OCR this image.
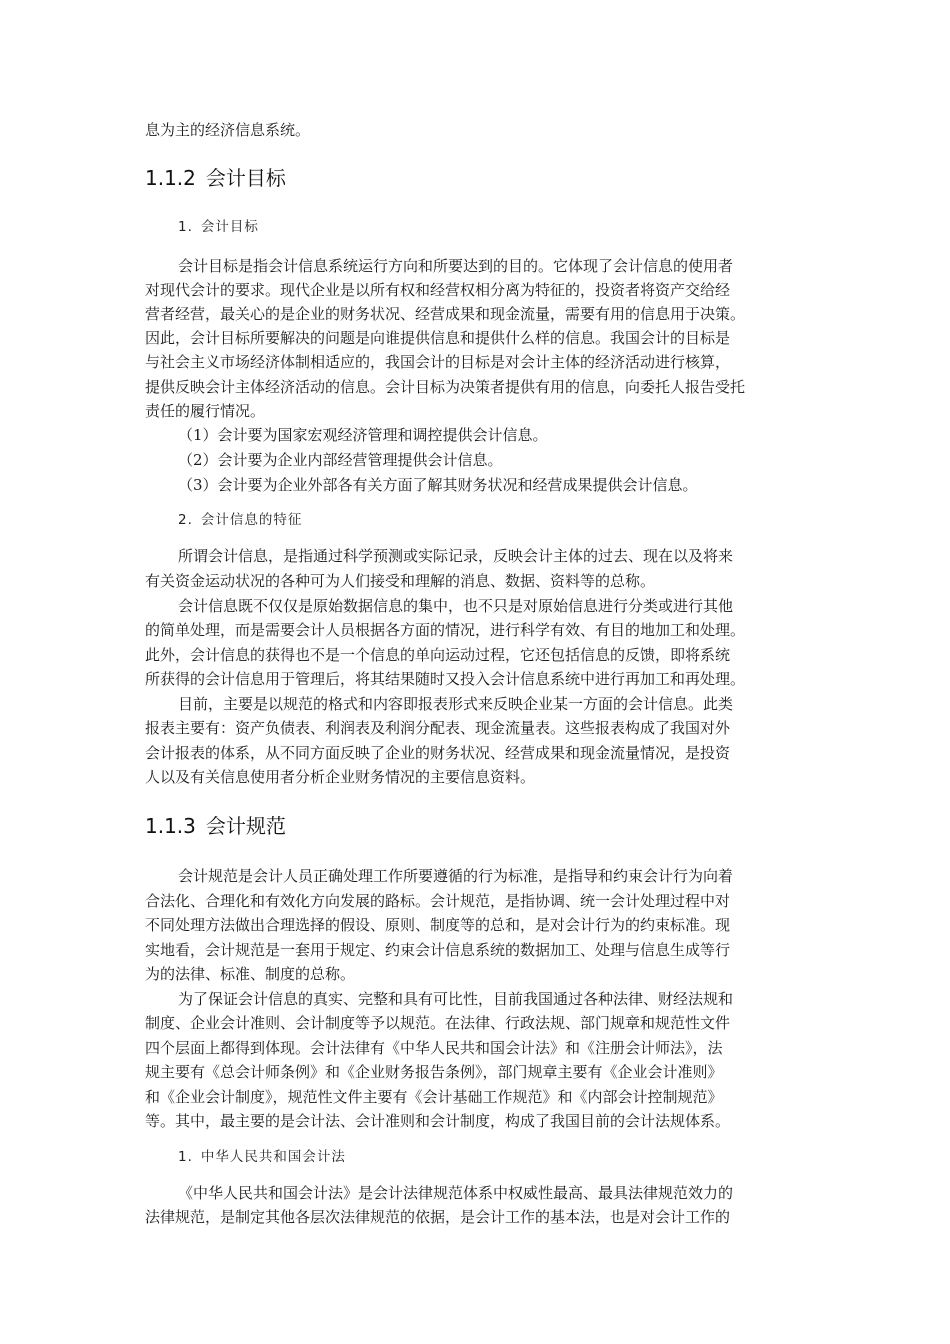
息为主的经济信息系统。
1.1.2 会计目标
1. 会计目标
会计目标是指会计信息系统运行方向和所要达到的目的。它体现了会计信息的使用者
对现代会计的要求。现代企业是以所有权和经营权相分离为特征的，投资者将资产交给经
营者经营，最关心的是企业的财务状况、经营成果和现金流量，需要有用的信息用于决策。
因此，会计目标所要解决的问题是向谁提供信息和提供什么样的信息。我国会计的目标是
与社会主义市场经济体制相适应的，我国会计的目标是对会计主体的经济活动进行核算，
提供反映会计主体经济活动的信息。会计目标为决策者提供有用的信息，向委托人报告受托
责任的履行情况。
（1）会计要为国家宏观经济管理和调控提供会计信息。
（2）会计要为企业内部经营管理提供会计信息。
（3）会计要为企业外部各有关方面了解其财务状况和经营成果提供会计信息。
2. 会计信息的特征
所谓会计信息，是指通过科学预测或实际记录，反映会计主体的过去、现在以及将来
有关资金运动状况的各种可为人们接受和理解的消息、数据、资料等的总称。
会计信息既不仅仅是原始数据信息的集中，也不只是对原始信息进行分类或进行其他
的简单处理，而是需要会计人员根据各方面的情况，进行科学有效、有目的地加工和处理。
此外，会计信息的获得也不是一个信息的单向运动过程，它还包括信息的反馈，即将系统
所获得的会计信息用于管理后，将其结果随时又投入会计信息系统中进行再加工和再处理。
目前，主要是以规范的格式和内容即报表形式来反映企业某一方面的会计信息。此类
报表主要有：资产负债表、利润表及利润分配表、现金流量表。这些报表构成了我国对外
会计报表的体系，从不同方面反映了企业的财务状况、经营成果和现金流量情况，是投资
人以及有关信息使用者分析企业财务情况的主要信息资料。
1.1.3 会计规范
会计规范是会计人员正确处理工作所要遵循的行为标准，是指导和约束会计行为向着
合法化、合理化和有效化方向发展的路标。会计规范，是指协调、统一会计处理过程中对
不同处理方法做出合理选择的假设、原则、制度等的总和，是对会计行为的约束标准。现
实地看，会计规范是一套用于规定、约束会计信息系统的数据加工、处理与信息生成等行
为的法律、标准、制度的总称。
为了保证会计信息的真实、完整和具有可比性，目前我国通过各种法律、财经法规和
制度、企业会计准则、会计制度等予以规范。在法律、行政法规、部门规章和规范性文件
四个层面上都得到体现。会计法律有《中华人民共和国会计法》和《注册会计师法》，法
规主要有《总会计师条例》和《企业财务报告条例》，部门规章主要有《企业会计准则》
和《企业会计制度》，规范性文件主要有《会计基础工作规范》和《内部会计控制规范》
等。其中，最主要的是会计法、会计准则和会计制度，构成了我国目前的会计法规体系。
1. 中华人民共和国会计法
《中华人民共和国会计法》是会计法律规范体系中权威性最高、最具法律规范效力的
法律规范，是制定其他各层次法律规范的依据，是会计工作的基本法，也是对会计工作的
